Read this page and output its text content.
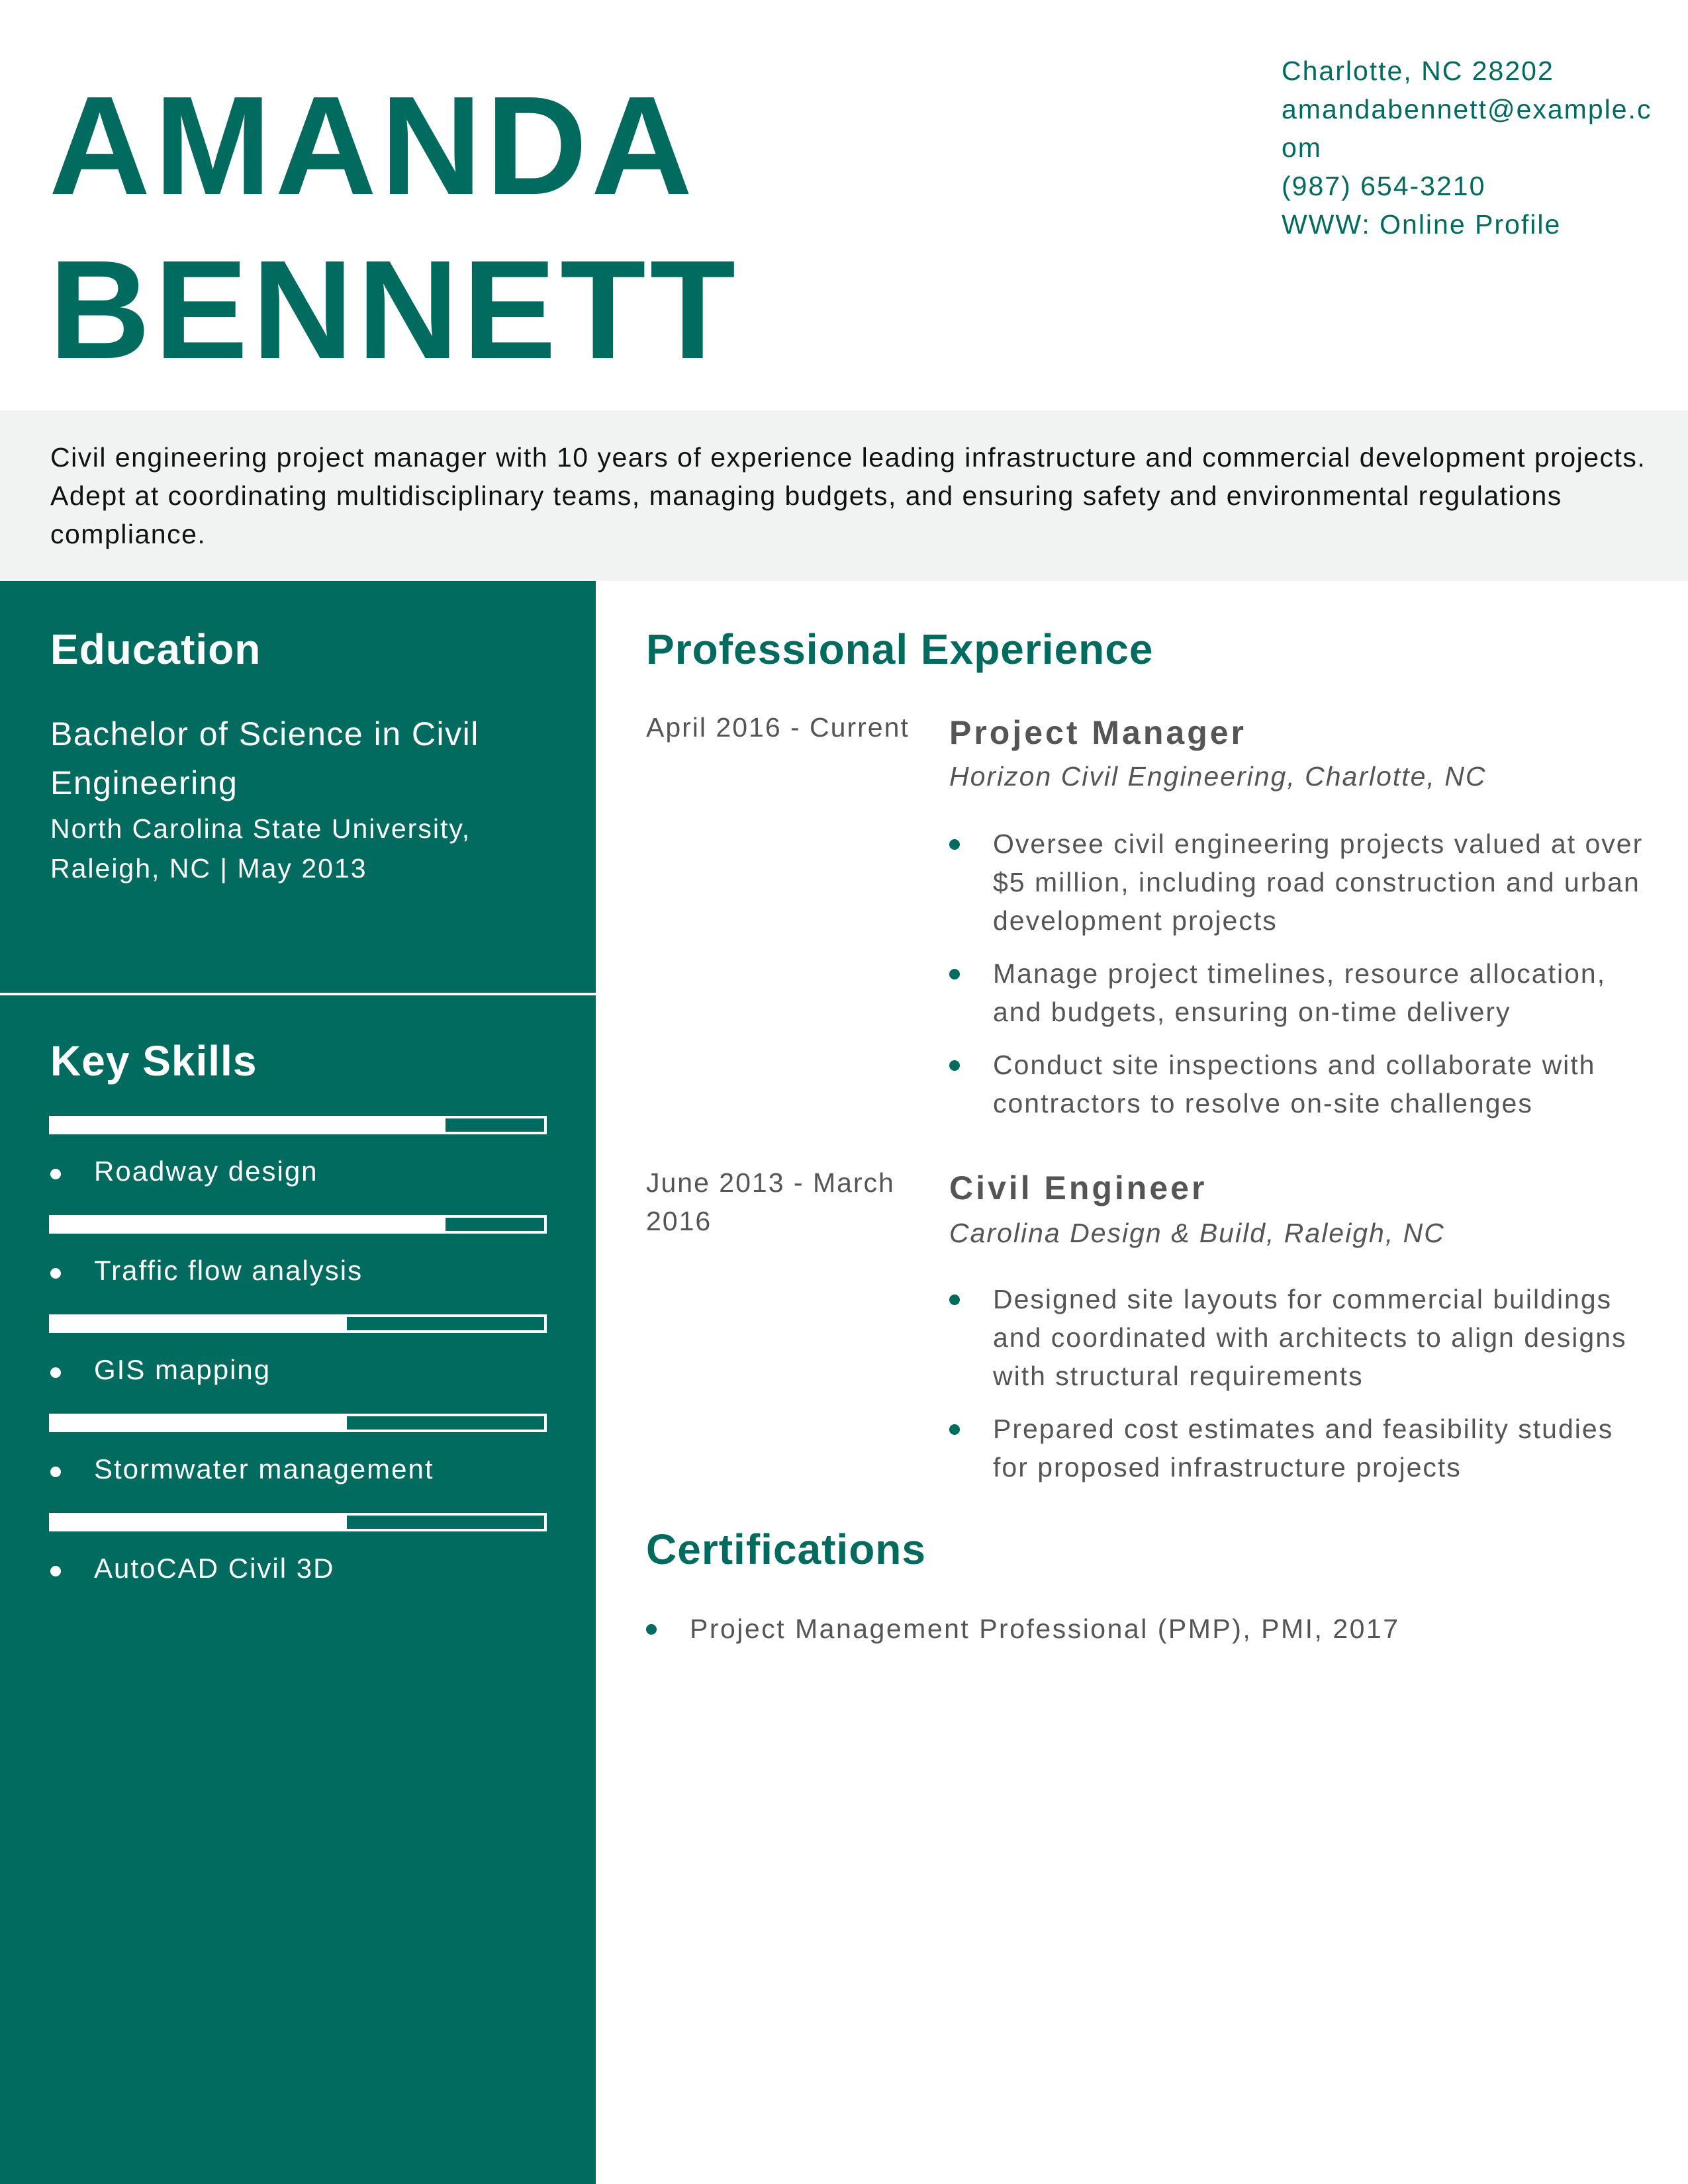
AMANDA
BENNETT
Charlotte, NC 28202
amandabennett@example.com
(987) 654-3210
WWW: Online Profile
Civil engineering project manager with 10 years of experience leading infrastructure and commercial development projects. Adept at coordinating multidisciplinary teams, managing budgets, and ensuring safety and environmental regulations compliance.
Education
Bachelor of Science in Civil Engineering
North Carolina State University, Raleigh, NC | May 2013
Key Skills
Roadway design
Traffic flow analysis
GIS mapping
Stormwater management
AutoCAD Civil 3D
Professional Experience
April 2016 - Current Project Manager
Horizon Civil Engineering, Charlotte, NC
Oversee civil engineering projects valued at over $5 million, including road construction and urban development projects
Manage project timelines, resource allocation, and budgets, ensuring on-time delivery
Conduct site inspections and collaborate with contractors to resolve on-site challenges
June 2013 - March 2016
Civil Engineer
Carolina Design & Build, Raleigh, NC
Designed site layouts for commercial buildings and coordinated with architects to align designs with structural requirements
Prepared cost estimates and feasibility studies for proposed infrastructure projects
Certifications
Project Management Professional (PMP), PMI, 2017
